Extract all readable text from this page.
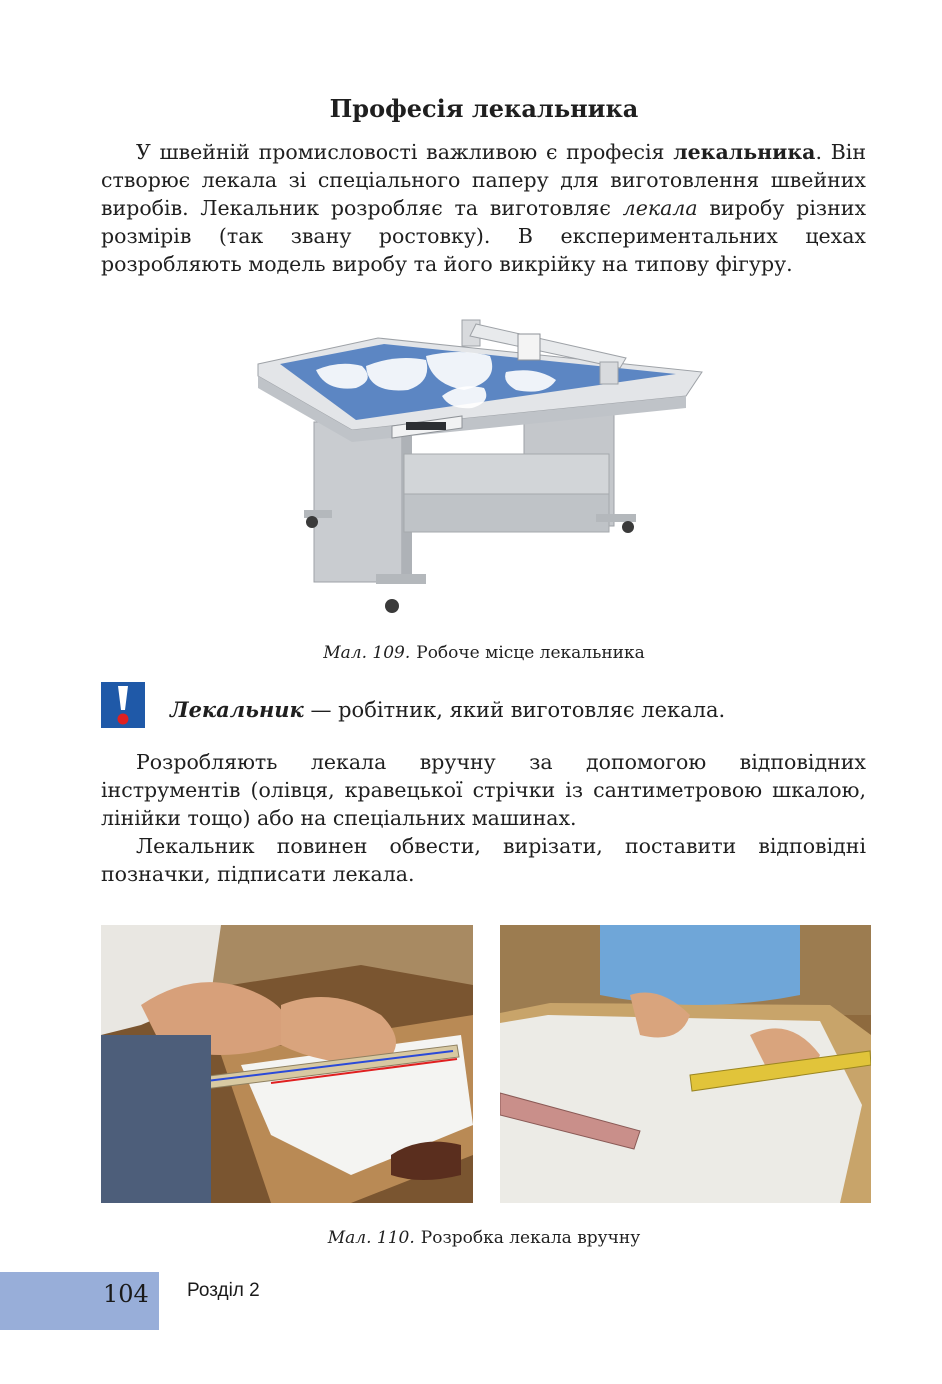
Професія лекальника

У швейній промисловості важливою є професія лекальника. Він створює лекала зі спеціального паперу для виготовлення швейних виробів. Лекальник розробляє та виготовляє лекала виробу різних розмірів (так звану ростовку). В експериментальних цехах розробляють модель виробу та його викрійку на типову фігуру.

Мал. 109. Робоче місце лекальника
Лекальник — робітник, який виготовляє лекала.

Розробляють лекала вручну за допомогою відповідних інструментів (олівця, кравецької стрічки із сантиметровою шкалою, лінійки тощо) або на спеціальних машинах.

Лекальник повинен обвести, вирізати, поставити відповідні позначки, підписати лекала.

Мал. 110. Розробка лекала вручну
104 Розділ 2
